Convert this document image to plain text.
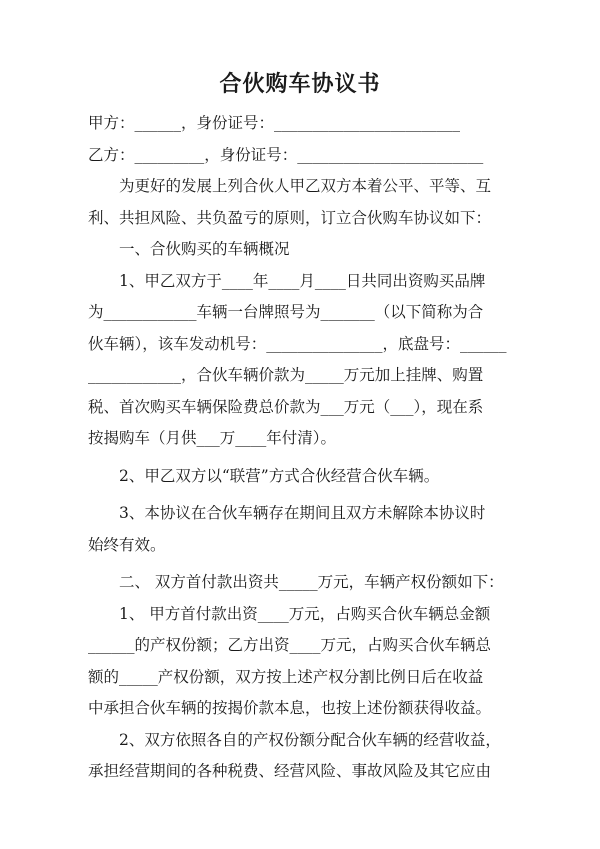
合伙购车协议书
甲方：______，身份证号：________________________
乙方：_________，身份证号：________________________
为更好的发展上列合伙人甲乙双方本着公平、平等、互
利、共担风险、共负盈亏的原则，订立合伙购车协议如下：
一、合伙购买的车辆概况
1、甲乙双方于____年____月____日共同出资购买品牌
为____________车辆一台牌照号为_______（以下简称为合
伙车辆），该车发动机号：_______________，底盘号：______
____________，合伙车辆价款为_____万元加上挂牌、购置
税、首次购买车辆保险费总价款为___万元（___），现在系
按揭购车（月供___万____年付清）。
2、甲乙双方以“联营”方式合伙经营合伙车辆。
3、本协议在合伙车辆存在期间且双方未解除本协议时
始终有效。
二、 双方首付款出资共_____万元，车辆产权份额如下：
1、 甲方首付款出资____万元，占购买合伙车辆总金额
______的产权份额；乙方出资____万元，占购买合伙车辆总
额的_____产权份额，双方按上述产权分割比例日后在收益
中承担合伙车辆的按揭价款本息，也按上述份额获得收益。
2、双方依照各自的产权份额分配合伙车辆的经营收益，
承担经营期间的各种税费、经营风险、事故风险及其它应由
